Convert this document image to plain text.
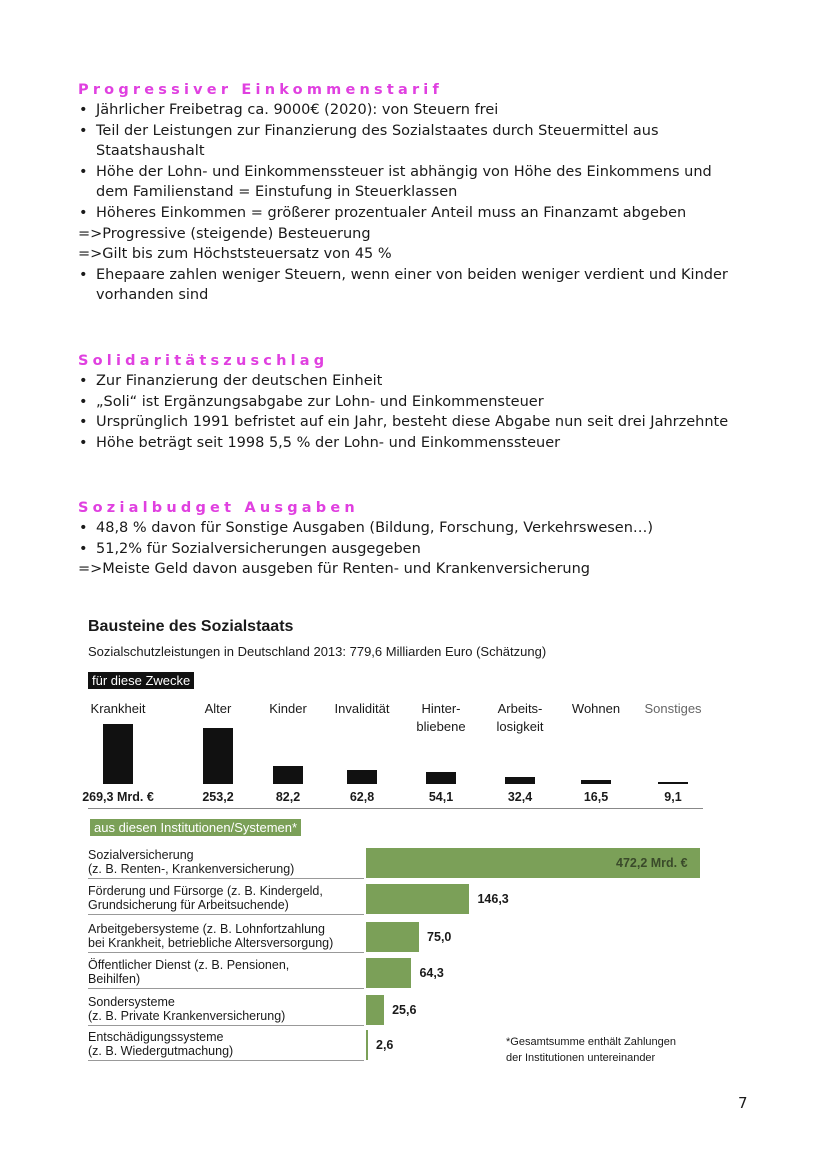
Progressiver Einkommenstarif
• Jährlicher Freibetrag ca. 9000€ (2020): von Steuern frei
• Teil der Leistungen zur Finanzierung des Sozialstaates durch Steuermittel aus
Staatshaushalt
• Höhe der Lohn- und Einkommenssteuer ist abhängig von Höhe des Einkommens und
dem Familienstand = Einstufung in Steuerklassen
• Höheres Einkommen = größerer prozentualer Anteil muss an Finanzamt abgeben
=>Progressive (steigende) Besteuerung
=>Gilt bis zum Höchststeuersatz von 45 %
• Ehepaare zahlen weniger Steuern, wenn einer von beiden weniger verdient und Kinder
vorhanden sind
Solidaritätszuschlag
• Zur Finanzierung der deutschen Einheit
• „Soli“ ist Ergänzungsabgabe zur Lohn- und Einkommensteuer
• Ursprünglich 1991 befristet auf ein Jahr, besteht diese Abgabe nun seit drei Jahrzehnte
• Höhe beträgt seit 1998 5,5 % der Lohn- und Einkommenssteuer
Sozialbudget Ausgaben
• 48,8 % davon für Sonstige Ausgaben (Bildung, Forschung, Verkehrswesen…)
• 51,2% für Sozialversicherungen ausgegeben
=>Meiste Geld davon ausgeben für Renten- und Krankenversicherung
Bausteine des Sozialstaats
Sozialschutzleistungen in Deutschland 2013: 779,6 Milliarden Euro (Schätzung)
für diese Zwecke
Krankheit
269,3 Mrd. €
Alter
253,2
Kinder
82,2
Invalidität
62,8
Hinter-
bliebene
54,1
Arbeits-
losigkeit
32,4
Wohnen
16,5
Sonstiges
9,1
aus diesen Institutionen/Systemen*
Sozialversicherung
(z. B. Renten-, Krankenversicherung)	472,2 Mrd. €
Förderung und Fürsorge (z. B. Kindergeld,
Grundsicherung für Arbeitsuchende)	146,3
Arbeitgebersysteme (z. B. Lohnfortzahlung
bei Krankheit, betriebliche Altersversorgung)	75,0
Öffentlicher Dienst (z. B. Pensionen,
Beihilfen)	64,3
Sondersysteme
(z. B. Private Krankenversicherung)	25,6
Entschädigungssysteme
(z. B. Wiedergutmachung)	2,6	*Gesamtsumme enthält Zahlungen
der Institutionen untereinander
7
